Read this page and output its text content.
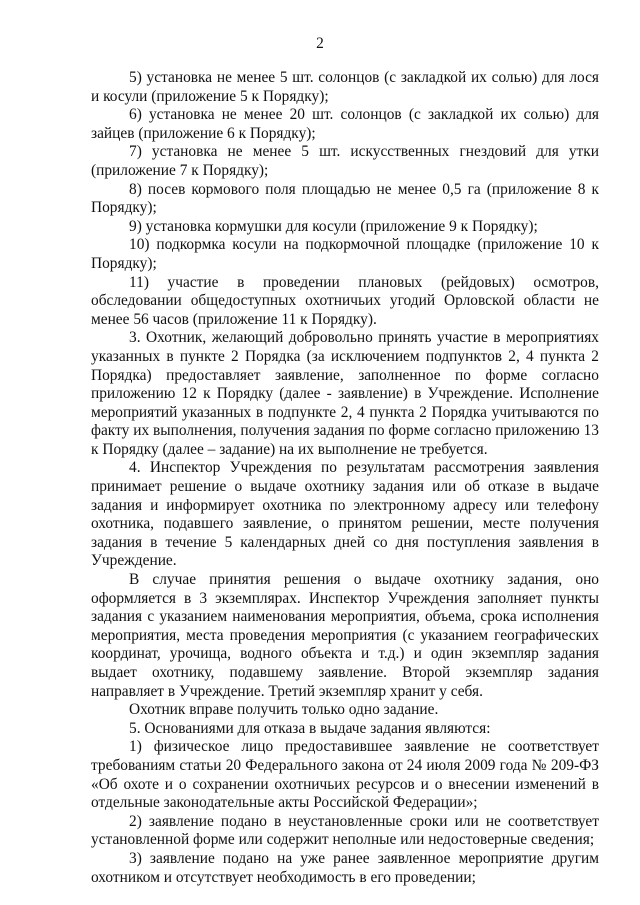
2

5) установка не менее 5 шт. солонцов (с закладкой их солью) для лося и косули (приложение 5 к Порядку);

6) установка не менее 20 шт. солонцов (с закладкой их солью) для зайцев (приложение 6 к Порядку);

7) установка не менее 5 шт. искусственных гнездовий для утки (приложение 7 к Порядку);

8) посев кормового поля площадью не менее 0,5 га (приложение 8 к Порядку);

9) установка кормушки для косули (приложение 9 к Порядку);

10) подкормка косули на подкормочной площадке (приложение 10 к Порядку);

11) участие в проведении плановых (рейдовых) осмотров, обследовании общедоступных охотничьих угодий Орловской области не менее 56 часов (приложение 11 к Порядку).

3. Охотник, желающий добровольно принять участие в мероприятиях указанных в пункте 2 Порядка (за исключением подпунктов 2, 4 пункта 2 Порядка) предоставляет заявление, заполненное по форме согласно приложению 12 к Порядку (далее - заявление) в Учреждение. Исполнение мероприятий указанных в подпункте 2, 4 пункта 2 Порядка учитываются по факту их выполнения, получения задания по форме согласно приложению 13 к Порядку (далее – задание) на их выполнение не требуется.

4. Инспектор Учреждения по результатам рассмотрения заявления принимает решение о выдаче охотнику задания или об отказе в выдаче задания и информирует охотника по электронному адресу или телефону охотника, подавшего заявление, о принятом решении, месте получения задания в течение 5 календарных дней со дня поступления заявления в Учреждение.

В случае принятия решения о выдаче охотнику задания, оно оформляется в 3 экземплярах. Инспектор Учреждения заполняет пункты задания с указанием наименования мероприятия, объема, срока исполнения мероприятия, места проведения мероприятия (с указанием географических координат, урочища, водного объекта и т.д.) и один экземпляр задания выдает охотнику, подавшему заявление. Второй экземпляр задания направляет в Учреждение. Третий экземпляр хранит у себя.

Охотник вправе получить только одно задание.

5. Основаниями для отказа в выдаче задания являются:

1) физическое лицо предоставившее заявление не соответствует требованиям статьи 20 Федерального закона от 24 июля 2009 года № 209-ФЗ «Об охоте и о сохранении охотничьих ресурсов и о внесении изменений в отдельные законодательные акты Российской Федерации»;

2) заявление подано в неустановленные сроки или не соответствует установленной форме или содержит неполные или недостоверные сведения;

3) заявление подано на уже ранее заявленное мероприятие другим охотником и отсутствует необходимость в его проведении;
